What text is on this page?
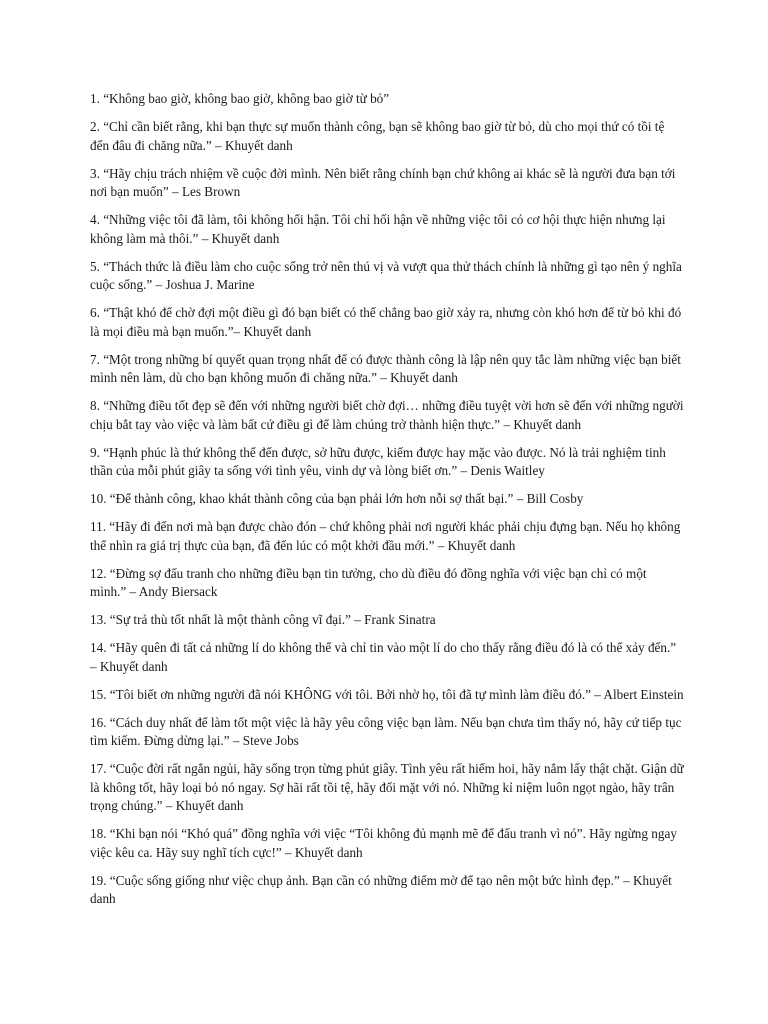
1. “Không bao giờ, không bao giờ, không bao giờ từ bỏ”
2. “Chỉ cần biết rằng, khi bạn thực sự muốn thành công, bạn sẽ không bao giờ từ bỏ, dù cho mọi thứ có tồi tệ đến đâu đi chăng nữa.” – Khuyết danh
3. “Hãy chịu trách nhiệm về cuộc đời mình. Nên biết rằng chính bạn chứ không ai khác sẽ là người đưa bạn tới nơi bạn muốn” – Les Brown
4. “Những việc tôi đã làm, tôi không hối hận. Tôi chỉ hối hận về những việc tôi có cơ hội thực hiện nhưng lại không làm mà thôi.” – Khuyết danh
5. “Thách thức là điều làm cho cuộc sống trở nên thú vị và vượt qua thử thách chính là những gì tạo nên ý nghĩa cuộc sống.” – Joshua J. Marine
6. “Thật khó để chờ đợi một điều gì đó bạn biết có thể chẳng bao giờ xảy ra, nhưng còn khó hơn để từ bỏ khi đó là mọi điều mà bạn muốn.”– Khuyết danh
7. “Một trong những bí quyết quan trọng nhất để có được thành công là lập nên quy tắc làm những việc bạn biết mình nên làm, dù cho bạn không muốn đi chăng nữa.” – Khuyết danh
8. “Những điều tốt đẹp sẽ đến với những người biết chờ đợi… những điều tuyệt vời hơn sẽ đến với những người chịu bắt tay vào việc và làm bất cứ điều gì để làm chúng trở thành hiện thực.” – Khuyết danh
9. “Hạnh phúc là thứ không thể đến được, sở hữu được, kiếm được hay mặc vào được. Nó là trải nghiệm tinh thần của mỗi phút giây ta sống với tình yêu, vinh dự và lòng biết ơn.” – Denis Waitley
10. “Để thành công, khao khát thành công của bạn phải lớn hơn nỗi sợ thất bại.” – Bill Cosby
11. “Hãy đi đến nơi mà bạn được chào đón – chứ không phải nơi người khác phải chịu đựng bạn. Nếu họ không thể nhìn ra giá trị thực của bạn, đã đến lúc có một khởi đầu mới.” – Khuyết danh
12. “Đừng sợ đấu tranh cho những điều bạn tin tưởng, cho dù điều đó đồng nghĩa với việc bạn chỉ có một mình.” – Andy Biersack
13. “Sự trả thù tốt nhất là một thành công vĩ đại.” – Frank Sinatra
14. “Hãy quên đi tất cả những lí do không thể và chỉ tin vào một lí do cho thấy rằng điều đó là có thể xảy đến.” – Khuyết danh
15. “Tôi biết ơn những người đã nói KHÔNG với tôi. Bởi nhờ họ, tôi đã tự mình làm điều đó.” – Albert Einstein
16. “Cách duy nhất để làm tốt một việc là hãy yêu công việc bạn làm. Nếu bạn chưa tìm thấy nó, hãy cứ tiếp tục tìm kiếm. Đừng dừng lại.” – Steve Jobs
17. “Cuộc đời rất ngắn ngủi, hãy sống trọn từng phút giây. Tình yêu rất hiếm hoi, hãy nắm lấy thật chặt. Giận dữ là không tốt, hãy loại bỏ nó ngay. Sợ hãi rất tồi tệ, hãy đối mặt với nó. Những kỉ niệm luôn ngọt ngào, hãy trân trọng chúng.” – Khuyết danh
18. “Khi bạn nói “Khó quá” đồng nghĩa với việc “Tôi không đủ mạnh mẽ để đấu tranh vì nó”. Hãy ngừng ngay việc kêu ca. Hãy suy nghĩ tích cực!” – Khuyết danh
19. “Cuộc sống giống như việc chụp ảnh. Bạn cần có những điểm mờ để tạo nên một bức hình đẹp.” – Khuyết danh
